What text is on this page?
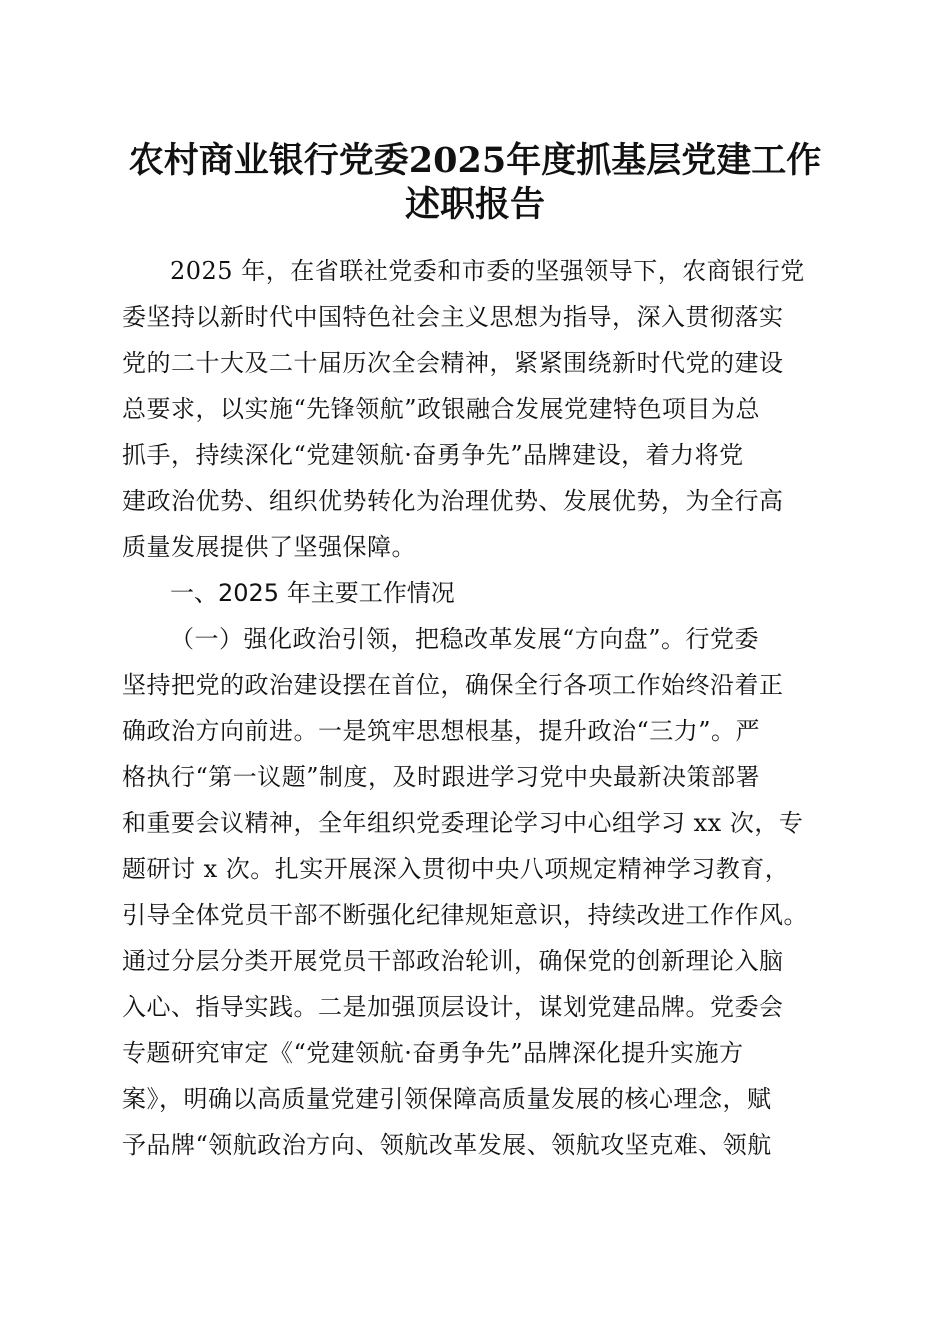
农村商业银行党委2025年度抓基层党建工作
述职报告
2025 年，在省联社党委和市委的坚强领导下，农商银行党
委坚持以新时代中国特色社会主义思想为指导，深入贯彻落实
党的二十大及二十届历次全会精神，紧紧围绕新时代党的建设
总要求，以实施“先锋领航”政银融合发展党建特色项目为总
抓手，持续深化“党建领航·奋勇争先”品牌建设，着力将党
建政治优势、组织优势转化为治理优势、发展优势，为全行高
质量发展提供了坚强保障。
一、2025 年主要工作情况
（一）强化政治引领，把稳改革发展“方向盘”。行党委
坚持把党的政治建设摆在首位，确保全行各项工作始终沿着正
确政治方向前进。一是筑牢思想根基，提升政治“三力”。严
格执行“第一议题”制度，及时跟进学习党中央最新决策部署
和重要会议精神，全年组织党委理论学习中心组学习 xx 次，专
题研讨 x 次。扎实开展深入贯彻中央八项规定精神学习教育，
引导全体党员干部不断强化纪律规矩意识，持续改进工作作风。
通过分层分类开展党员干部政治轮训，确保党的创新理论入脑
入心、指导实践。二是加强顶层设计，谋划党建品牌。党委会
专题研究审定《“党建领航·奋勇争先”品牌深化提升实施方
案》，明确以高质量党建引领保障高质量发展的核心理念，赋
予品牌“领航政治方向、领航改革发展、领航攻坚克难、领航
